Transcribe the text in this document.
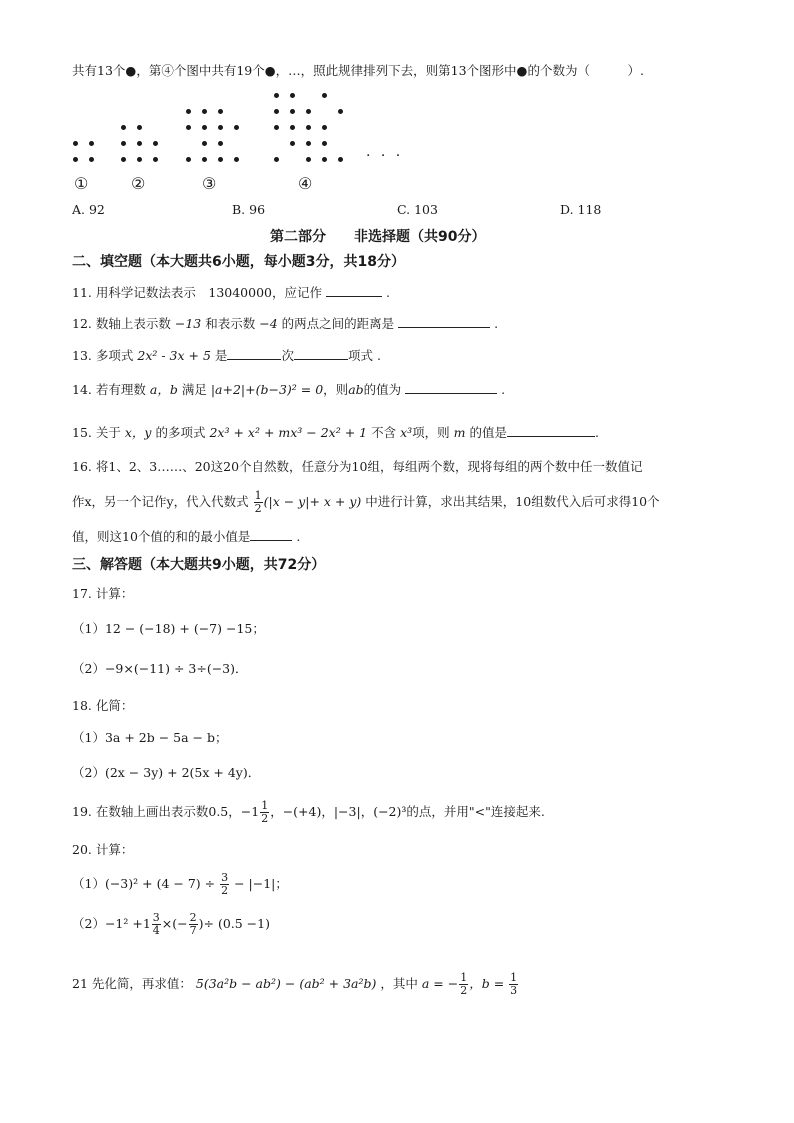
共有13个●，第④个图中共有19个●，…，照此规律排列下去，则第13个图形中●的个数为（　　　）.
· · ·
①	②	③	④
A. 92	B. 96	C. 103	D. 118
第二部分　　非选择题（共90分）
二、填空题（本大题共6小题，每小题3分，共18分）
11. 用科学记数法表示　13040000，应记作	.
12. 数轴上表示数 −13 和表示数 −4 的两点之间的距离是	.
13. 多项式 2x² - 3x + 5 是	次	项式 .
14. 若有理数 a，b 满足 |a+2|+(b−3)² = 0，则ab的值为	.
15. 关于 x，y 的多项式 2x³ + x² + mx³ − 2x² + 1 不含 x³项，则 m 的值是	.
16. 将1、2、3……、20这20个自然数，任意分为10组，每组两个数，现将每组的两个数中任一数值记
作x，另一个记作y，代入代数式 $\frac{1}{2} (|x - y|+ x + y)$ 中进行计算，求出其结果，10组数代入后可求得10个
值，则这10个值的和的最小值是	.
三、解答题（本大题共9小题，共72分）
17. 计算：
（1）12 − (−18) + (−7) −15；
（2）−9×(−11) ÷ 3÷(−3)．
18. 化简：
（1）3a + 2b − 5a − b；
（2）(2x − 3y) + 2(5x + 4y)．
19. 在数轴上画出表示数0.5，$-1 \frac{1}{2}$ ，−(+4)，|−3|，(−2)³的点，并用"<"连接起来.
20. 计算：
$(1)(-3)^2 + (4 - 7) \div \frac{3}{2} - |-1|$；
$(2)-1^2 +1 \frac{3}{4}$ ×(− $\frac{2}{7}$ )÷ (0.5 −1)
21 先化简，再求值： 5(3a²b − ab²) − (ab² + 3a²b) ，其中 a = − $\frac{1}{2}$ ，$b = \frac{1}{3}$
